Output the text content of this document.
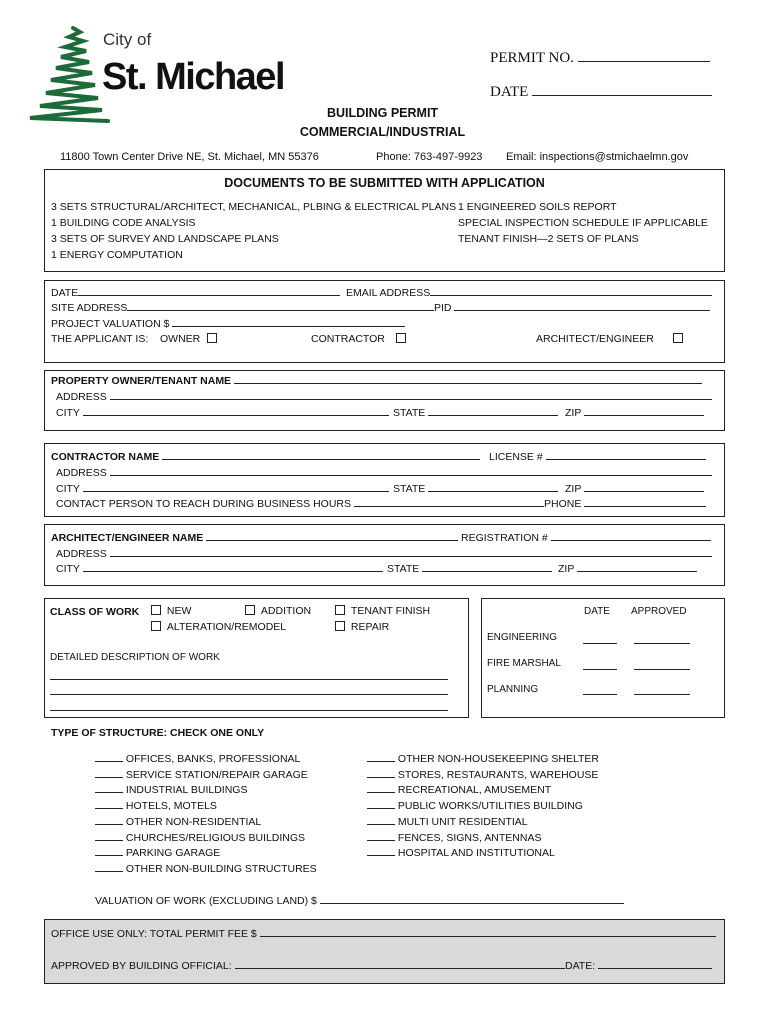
City of
St. Michael	PERMIT NO.
DATE
BUILDING PERMIT
COMMERCIAL/INDUSTRIAL
11800 Town Center Drive NE, St. Michael, MN 55376	Phone: 763-497-9923 Email: inspections@stmichaelmn.gov
DOCUMENTS TO BE SUBMITTED WITH APPLICATION
3 SETS STRUCTURAL/ARCHITECT, MECHANICAL, PLBING & ELECTRICAL PLANS
1 BUILDING CODE ANALYSIS
3 SETS OF SURVEY AND LANDSCAPE PLANS
1 ENERGY COMPUTATION
1 ENGINEERED SOILS REPORT
SPECIAL INSPECTION SCHEDULE IF APPLICABLE
TENANT FINISH—2 SETS OF PLANS
DATE	EMAIL ADDRESS
SITE ADDRESS	PID
PROJECT VALUATION $
THE APPLICANT IS: OWNER	CONTRACTOR	ARCHITECT/ENGINEER
PROPERTY OWNER/TENANT NAME
ADDRESS
CITY	STATE	ZIP
CONTRACTOR NAME	LICENSE #
ADDRESS
CITY	STATE	ZIP
CONTACT PERSON TO REACH DURING BUSINESS HOURS	PHONE
ARCHITECT/ENGINEER NAME	REGISTRATION #
ADDRESS
CITY	STATE	ZIP
CLASS OF WORK	NEW	ADDITION	TENANT FINISH
ALTERATION/REMODEL	REPAIR
DETAILED DESCRIPTION OF WORK
DATE APPROVED
ENGINEERING
FIRE MARSHAL
PLANNING
TYPE OF STRUCTURE: CHECK ONE ONLY
OFFICES, BANKS, PROFESSIONAL
SERVICE STATION/REPAIR GARAGE
INDUSTRIAL BUILDINGS
HOTELS, MOTELS
OTHER NON-RESIDENTIAL
CHURCHES/RELIGIOUS BUILDINGS
PARKING GARAGE
OTHER NON-BUILDING STRUCTURES
OTHER NON-HOUSEKEEPING SHELTER
STORES, RESTAURANTS, WAREHOUSE
RECREATIONAL, AMUSEMENT
PUBLIC WORKS/UTILITIES BUILDING
MULTI UNIT RESIDENTIAL
FENCES, SIGNS, ANTENNAS
HOSPITAL AND INSTITUTIONAL
VALUATION OF WORK (EXCLUDING LAND) $
OFFICE USE ONLY: TOTAL PERMIT FEE $
APPROVED BY BUILDING OFFICIAL:	DATE:
